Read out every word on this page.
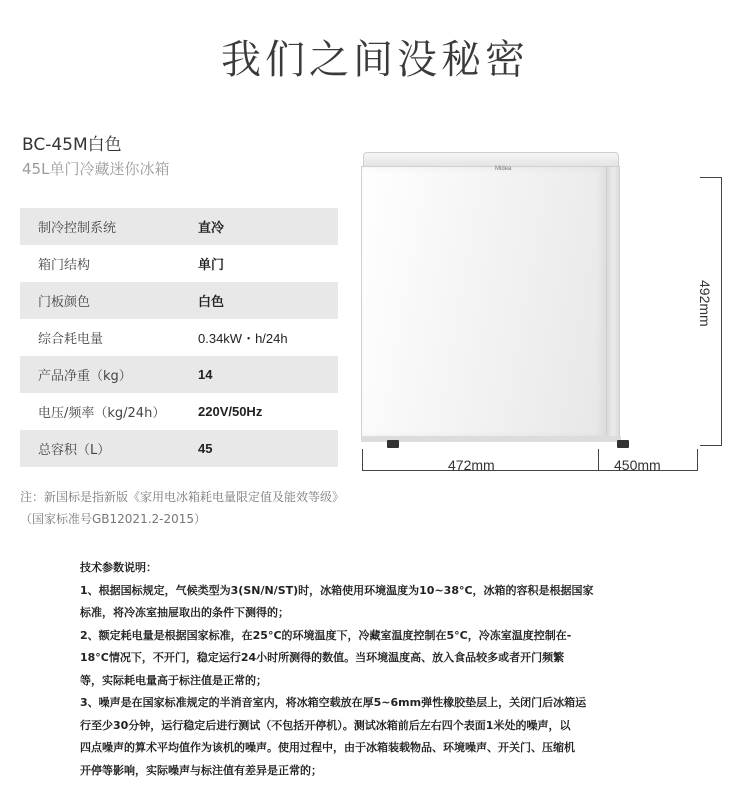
我们之间没秘密
BC-45M白色
45L单门冷藏迷你冰箱
制冷控制系统	直冷
箱门结构	单门
门板颜色	白色
综合耗电量	0.34kW・h/24h
产品净重（kg）	14
电压/频率（kg/24h）	220V/50Hz
总容积（L）	45
Midea
472mm	450mm
492mm
注：新国标是指新版《家用电冰箱耗电量限定值及能效等级》
（国家标准号GB12021.2-2015）

技术参数说明：

1、根据国标规定，气候类型为3(SN/N/ST)时，冰箱使用环境温度为10~38°C，冰箱的容积是根据国家

标准，将冷冻室抽屉取出的条件下测得的；

2、额定耗电量是根据国家标准，在25°C的环境温度下，冷藏室温度控制在5°C，冷冻室温度控制在-

18°C情况下，不开门，稳定运行24小时所测得的数值。当环境温度高、放入食品较多或者开门频繁

等，实际耗电量高于标注值是正常的；

3、噪声是在国家标准规定的半消音室内，将冰箱空载放在厚5~6mm弹性橡胶垫层上，关闭门后冰箱运

行至少30分钟，运行稳定后进行测试（不包括开停机）。测试冰箱前后左右四个表面1米处的噪声，以

四点噪声的算术平均值作为该机的噪声。使用过程中，由于冰箱装载物品、环境噪声、开关门、压缩机

开停等影响，实际噪声与标注值有差异是正常的；
